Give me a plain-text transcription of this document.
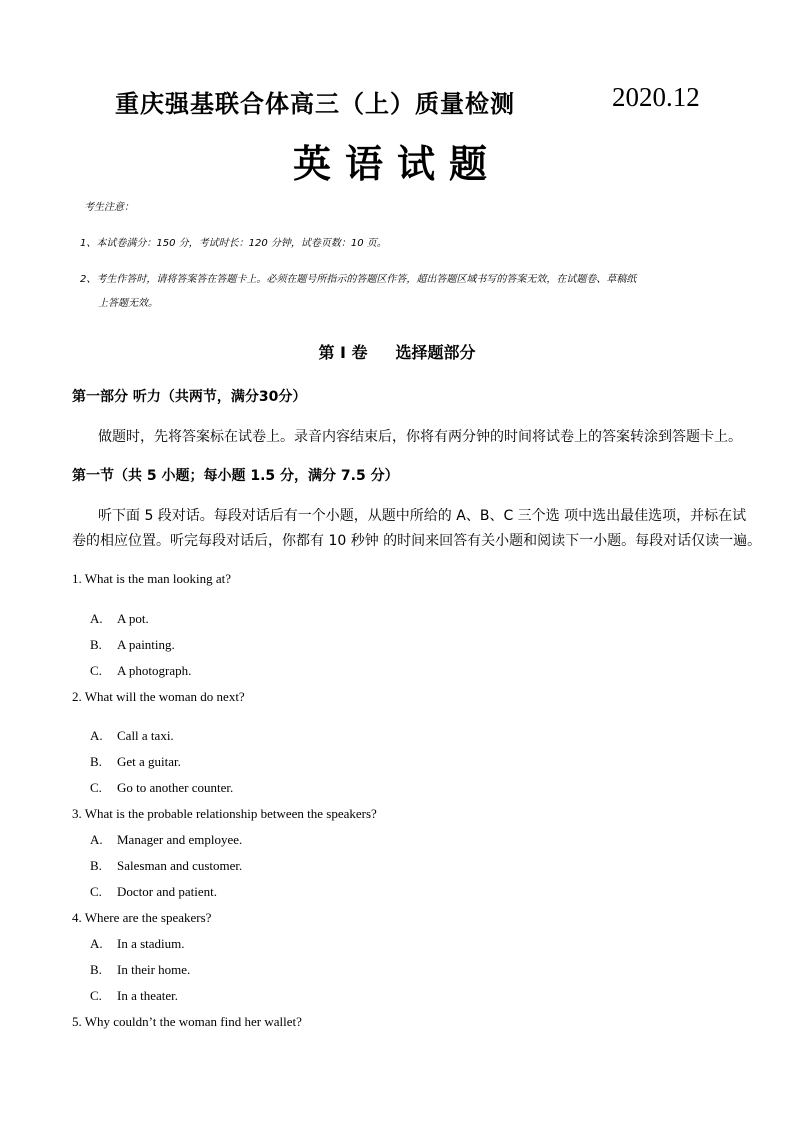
重庆强基联合体高三（上）质量检测	2020.12
英语试题
考生注意：
1、本试卷满分：150 分，考试时长：120 分钟，试卷页数：10 页。
2、考生作答时，请将答案答在答题卡上。必须在题号所指示的答题区作答，超出答题区域书写的答案无效，在试题卷、草稿纸
上答题无效。
第 I 卷 选择题部分
第一部分 听力（共两节，满分30分）
做题时，先将答案标在试卷上。录音内容结束后，你将有两分钟的时间将试卷上的答案转涂到答题卡上。
第一节（共 5 小题；每小题 1.5 分，满分 7.5 分）
听下面 5 段对话。每段对话后有一个小题，从题中所给的 A、B、C 三个选 项中选出最佳选项，并标在试
卷的相应位置。听完每段对话后，你都有 10 秒钟 的时间来回答有关小题和阅读下一小题。每段对话仅读一遍。
1. What is the man looking at?
A. A pot.
B. A painting.
C. A photograph.
2. What will the woman do next?
A. Call a taxi.
B. Get a guitar.
C. Go to another counter.
3. What is the probable relationship between the speakers?
A. Manager and employee.
B. Salesman and customer.
C. Doctor and patient.
4. Where are the speakers?
A. In a stadium.
B. In their home.
C. In a theater.
5. Why couldn’t the woman find her wallet?
